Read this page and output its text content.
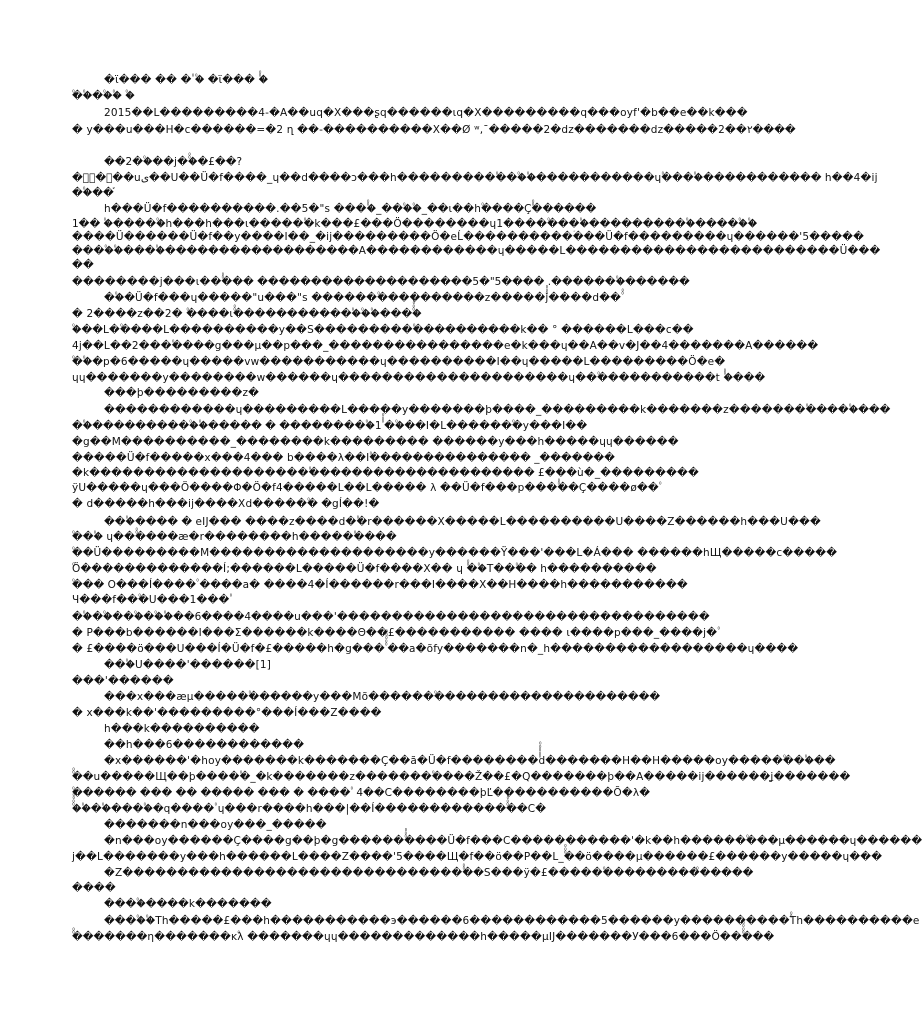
�ϊ��� �� �۠ �۠ �ϊ��� ۠�۠
۠��۠��۠�۠ �۠
2015��L���������4-�A��uq�X���ʂq������ɩq�X���������q���oyf'�b��e��k���
� y���u���H�c������=�2 ղ ��-����������X��Ø ʷ,¯�����2�dz�������dz�����2��۲����
��2��۠��j�۠�۠�£��?
��ۢ۠�۠�uی��U��Ü�f����_ɥ��dۢ����ɔ���h���������۠���۠�۠�����������ɥ۠����۠����������� h��4�ij
��۠��֡
h���Ü�f����������.��5�"s ���۠�۠_���۠�۠_��ɩ��h۠����Ç۠۠������
1�� �۠�����۠h���h���ɩ�����۠�k���£���Ö��������ɥ1����۠����۠����������۠�����۠�۠
����Ü������Ü�f��y����I��_�ij���������Ö�eĹ����������ۤ���Ü�f���������ɥ������'5�����
����۠�۠����۠������������������A������������ɥ�����L�������������������������Ü���
��
��������j���ɩ��۠۠��� ��������������������5�"5���� .�������۠������
��۠�Ü�f���ɥ�����"u���"s ������۠����������z�����۠۠۠j����d��۠۠
� 2����z��2� ۠����ɩ۠۠������������۠�۠�۠����۠۠۠۠۠
�۠��L�۠����L����������y��S���������۠����������k�� ° ������L���c��
4j��L��2���۠����g���µ��p���_����������������e�k���ɥ��A��v�J��4�������A������
۠��۠�p�6�����ɥ�����vw�����������ɥ����������I��ɥ�����L���������Ö�e�
ɥɥ�������y��������w������ɥ���������������������ɥ��۠�����������t ۠�۠���
���þ���������z�
������������ɥ���������L�����y�������þ����_���������k�������z�������۠�����۠���
��۠����������۠�۠����� � ���������۠1 ۠۠۠��۠��I�L������۠�y���I��
�g��M����������_��������k��������� ������y���h�����ɥɥ������
�����Ü�f�����x���4��� b����λ��I۠��������������� _�������
�k��������������������۠��������������������� £���ù�_���������
ÿU�����ɥ���Ö����Φ�Ö�f4�����L��L����� λ ��Ü�f���p���۠۠��Ç����ø��۠
� d�����h���ij����Xd�����۠� �gÍ��!�
���۠���� � eIJ��� ����z����d�۠�r������X�����L����������U����Z������h���U���
۠���۠ ɥ��۠۠����æ�r��������h�����۠����
۠��Ü���������M��������������������y������Ÿ���'���L�Á��� ������hЩ�����c�����
۠Ö�������������Í;������L�����Ü�f����X�� ɥ ۠۠��۠T��۠�� h����������
۠��� O���Í����۠ ����a� ����4�Í������r���I����X��H����h�����������
Ч���f��۠�U���1���۠
��۠��۠���۠��۠�۠��6����4����u���'����������������������������������
� P���b������I���Σ������k����Θ��£����������� ���� ɩ����p���_����j�۠
� £����ö���U���Í�Ü�f�£�����h�g���۠۠۠۠ ۠��a�õfy�������n�_h������������������ɥ����
���۠U����'������[1]
���'������
���x���æµ�����۠������y���Mõ������۠���������������������
� x���k��'���������°���Í���Z����
h���k����������
��h���6������������
�x������'�hoy�������k�������Ç��ã�Ü�f��������۠۠۠۠۠d�������H��H�����oy�����۠���۠��
۠۠��u�����Щ��þ����۠�_�k�������z�������۠����Ž��£�Q�������þ��A�����ij������ʝ�������
۠������ ��� �� ����� ��� � ���� ۠ 4��C��������þĽ�����������Õ�λ�
�۠۠۠۠�۠��۠����۠�q����۠ ɥ���r����h���|��Í������������۠۠۠۠��C�
�������n���oy���_�����
�n���oy������Ç����g��þ�g������۠۠۠����Ü�f���C�����������'�k��h������۠���µ������ɥ������
j��L�������y���h������L����Z����'5����Щ�f��ö��P��L_۠۠۠��ö����µ������£������y�����ɥ���
�Z�������������������������������۠۠��S���ÿ�£�����۠��������������
����
����۠����k�������
����۠�۠Th�����£���h�����������э������6������������5������y����������۠۠Th����������e
۠۠�������η�������ĸ۠λ �������ɥɥ�������������h�����µIJ�������У���6���Ö��۠۠۠۠���
